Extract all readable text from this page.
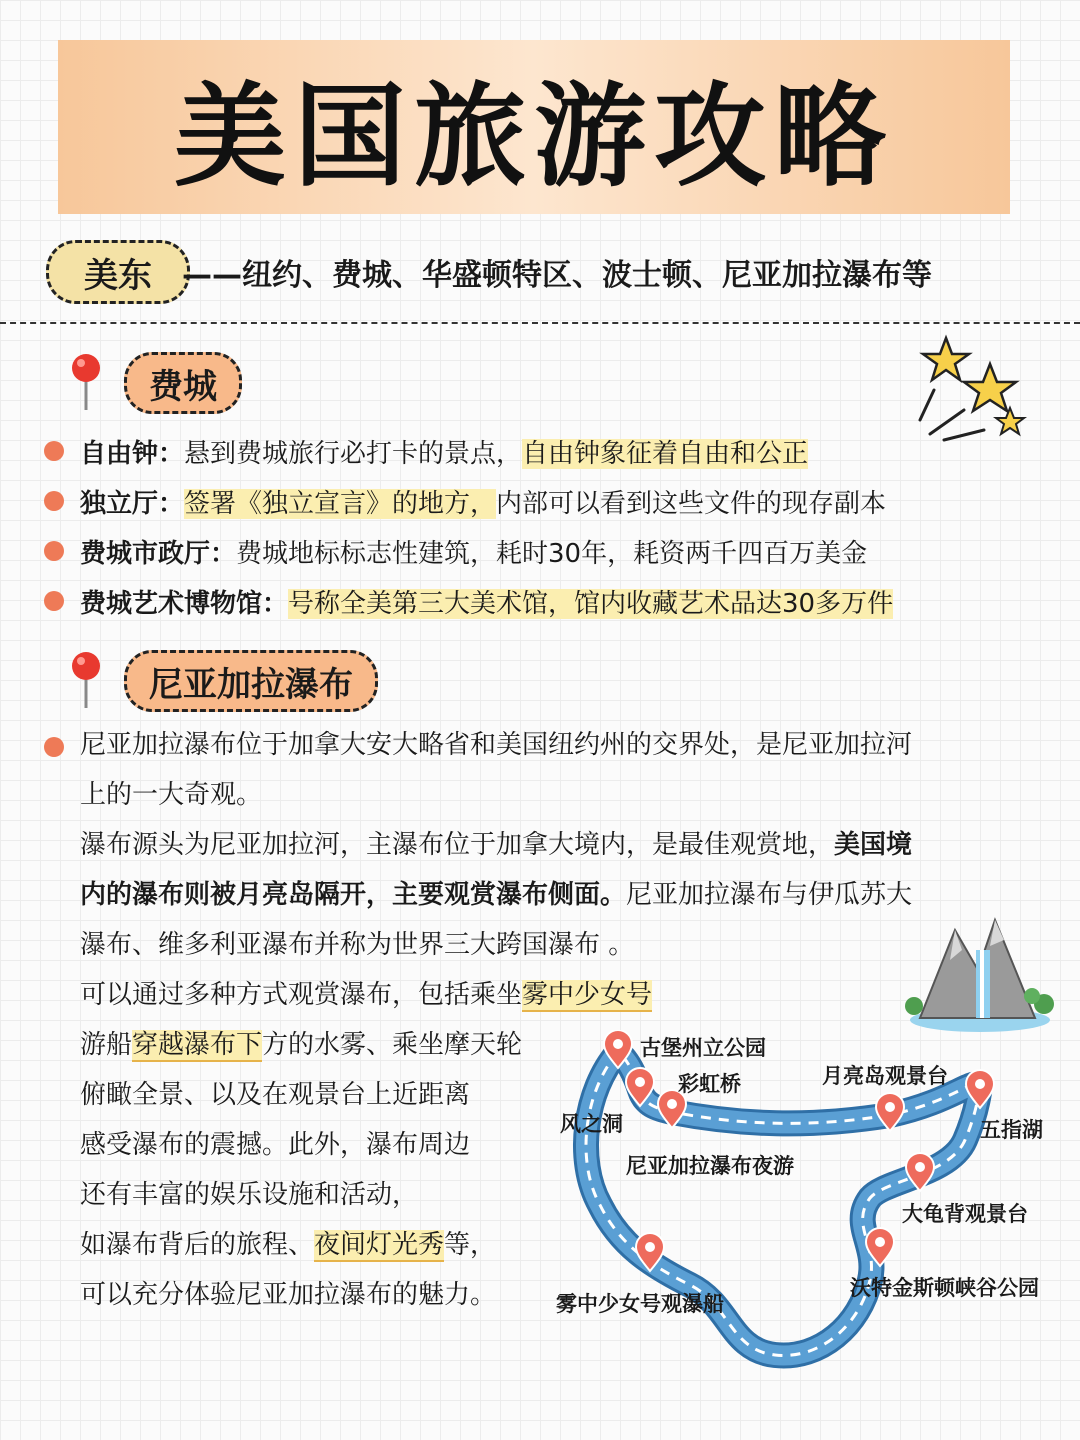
美国旅游攻略
美东	——纽约、费城、华盛顿特区、波士顿、尼亚加拉瀑布等
费城
自由钟：悬到费城旅行必打卡的景点，自由钟象征着自由和公正
独立厅：签署《独立宣言》的地方，内部可以看到这些文件的现存副本
费城市政厅：费城地标标志性建筑，耗时30年，耗资两千四百万美金
费城艺术博物馆：号称全美第三大美术馆，馆内收藏艺术品达30多万件
尼亚加拉瀑布
尼亚加拉瀑布位于加拿大安大略省和美国纽约州的交界处，是尼亚加拉河
上的一大奇观。
瀑布源头为尼亚加拉河，主瀑布位于加拿大境内，是最佳观赏地，美国境
内的瀑布则被月亮岛隔开，主要观赏瀑布侧面。尼亚加拉瀑布与伊瓜苏大
瀑布、维多利亚瀑布并称为世界三大跨国瀑布 。
可以通过多种方式观赏瀑布，包括乘坐雾中少女号
游船穿越瀑布下方的水雾、乘坐摩天轮
俯瞰全景、以及在观景台上近距离
感受瀑布的震撼。此外，瀑布周边
还有丰富的娱乐设施和活动，
如瀑布背后的旅程、夜间灯光秀等，
可以充分体验尼亚加拉瀑布的魅力。
古堡州立公园
彩虹桥
风之洞
尼亚加拉瀑布夜游
月亮岛观景台
五指湖
大龟背观景台
沃特金斯顿峡谷公园
雾中少女号观瀑船
